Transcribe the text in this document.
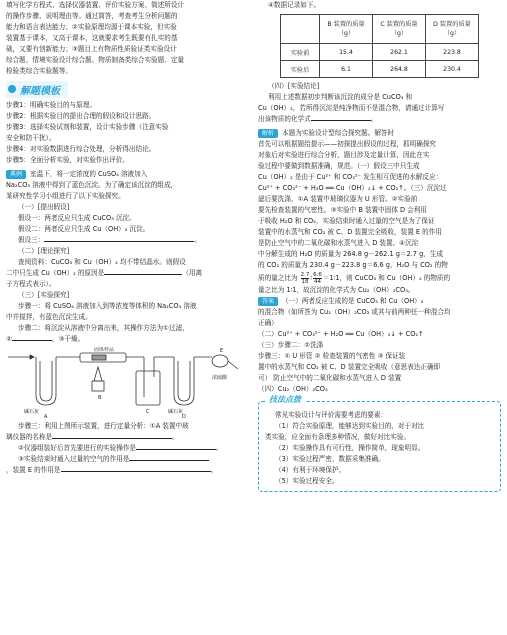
填写化学方程式、选择仪器装置、评价实验方案、简述所设计

的操作步骤、说明理由等。通过简答，考查考生分析问题的

能力和语言表达能力；②实验原理均源于课本实验，但实验

装置基于课本，又高于课本，这就要求考生既要有扎实的基

础，又要有创新能力；③题目上有物质性质验证类实验设计

综合题、情境实验设计综合题、物质制备类综合实验题、定量

检验类综合实验题等。

解题模板

步骤1：明确实验目的与原理。

步骤2：根据实验目的提出合理的假设和设计思路。

步骤3：选择实验试剂和装置，设计实验步骤（注意实验

安全和防干扰）。

步骤4：对实验数据进行综合处理，分析得出结论。

步骤5：全面分析实验，对实验作出评价。

典例 室温下，将一定浓度的 CuSO₄ 溶液加入

Na₂CO₃ 溶液中得到了蓝色沉淀。为了确定该沉淀的组成，

某研究性学习小组进行了以下实验探究。

（一）[提出假设]

假设一：两者反应只生成 CuCO₃ 沉淀。

假设二：两者反应只生成 Cu（OH）₂ 沉淀。

假设三：	。

（二）[理论探究]

查阅资料：CuCO₃ 和 Cu（OH）₂ 均不带结晶水。则假设

二中只生成 Cu（OH）₂ 的原因是	（用离

子方程式表示）。

（三）[实验探究]

步骤一：将 CuSO₄ 溶液加入到等浓度等体积的 Na₂CO₃ 溶液

中并搅拌，有蓝色沉淀生成。

步骤二：将沉淀从溶液中分离出来，其操作方法为①过滤，

②	，③干燥。

固体样品
碱石灰
A
B
C	碱石灰
浓硫酸
D
E

步骤三：利用上图所示装置，进行定量分析：①A 装置中玻

璃仪器的名称是	。

②仪器组装好后首先要进行的实验操作是	。

③实验结束时通入过量的空气的作用是

，装置 E 的作用是	。

④数据记录如下。

	B 装置的质量（g）	C 装置的质量（g）	D 装置的质量（g）
实验前	15.4	262.1	223.8
实验后	6.1	264.8	230.4

（四）[实验结论]

利用上述数据初步判断该沉淀的成分是 CuCO₃ 和

Cu（OH）₂，若所得沉淀是纯净物而不是混合物，请通过计算写

出该物质的化学式	。

解析 本题为实验设计型综合探究题。解答时

首先可以根据题给提示——初探提出假设的过程，抓明确探究

对象后对实验进行综合分析，题目涉及定量计算，因此在实

验过程中要做到数据准确，规范。（一）假设三中只生成

Cu（OH）₂ 是由于 Cu²⁺ 和 CO₃²⁻ 发生相互促进的水解反应：

Cu²⁺ + CO₃²⁻ + H₂O ══ Cu（OH）₂↓ + CO₂↑。（三）沉淀过

滤后要洗涤，①A 装置中玻璃仪器为 U 形管。②实验前

要先检查装置的气密性。③实验中 B 装置中固体 D 会利用

于吸收 H₂O 和 CO₂，实验结束时通入过量的空气是为了保证

装置中的水蒸气和 CO₂ 被 C、D 装置完全吸收，装置 E 的作用

是防止空气中的二氧化碳和水蒸气进入 D 装置。④沉淀

中分解生成的 H₂O 的质量为 264.8 g－262.1 g＝2.7 g，生成

的 CO₂ 的质量为 230.4 g－223.8 g＝6.6 g，H₂O 与 CO₂ 的物

质的量之比为 $\frac{2.7}{18}$ ∶ $\frac{6.6}{44}$ ＝1∶1，则 CuCO₃ 和 Cu（OH）₂ 的物质的

量之比为 1∶1，故沉淀的化学式为 Cu₂（OH）₂CO₃。

答案 （一）两者反应生成的是 CuCO₃ 和 Cu（OH）₂

的混合物（如所答为 Cu₂（OH）₂CO₃ 或其与前两种任一种混合均

正确）

（二）Cu²⁺ + CO₃²⁻ + H₂O ══ Cu（OH）₂↓ + CO₂↑

（三）步骤二：②洗涤

步骤三：① U 形管 ② 检查装置的气密性 ③ 保证装

置中的水蒸气和 CO₂ 被 C、D 装置完全吸收（意思表达正确即

可） 防止空气中的二氧化碳和水蒸气进入 D 装置

（四）Cu₂（OH）₂CO₃

技法点拨

常见实验设计与评价需要考虑的要素：

（1）符合实验原理，能够达到实验目的，对于对比

类实验，应全面有条理多种情况，做好对比实验。

（2）实验操作具有可行性，操作简单，现象明显。

（3）实验过程严密，数据采集准确。

（4）有利于环境保护。

（5）实验过程安全。
